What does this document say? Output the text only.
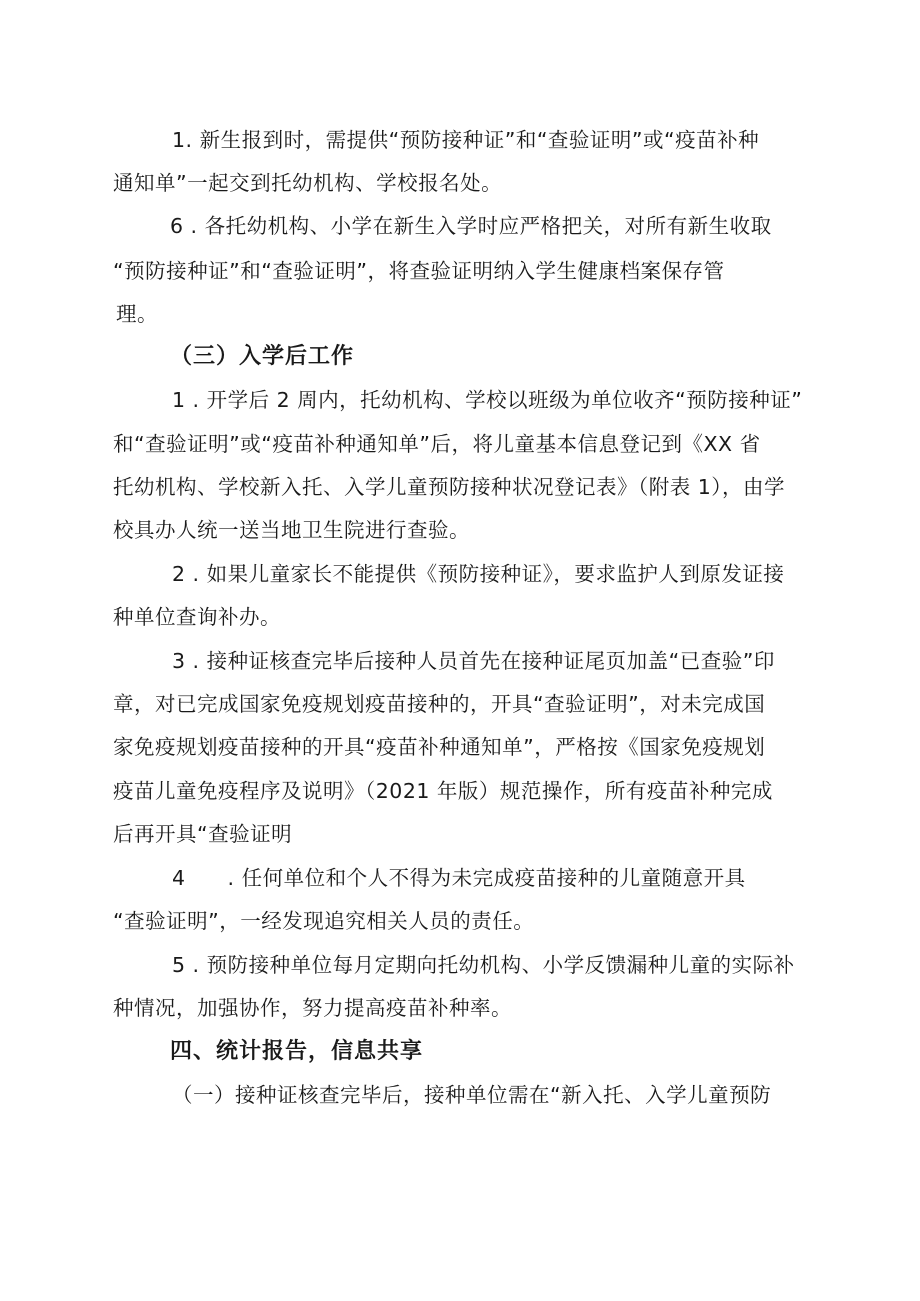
1. 新生报到时，需提供“预防接种证”和“查验证明”或“疫苗补种
通知单”一起交到托幼机构、学校报名处。
6 . 各托幼机构、小学在新生入学时应严格把关，对所有新生收取
“预防接种证”和“查验证明”，将查验证明纳入学生健康档案保存管
理。
（三）入学后工作
1 . 开学后 2 周内，托幼机构、学校以班级为单位收齐“预防接种证”
和“查验证明”或“疫苗补种通知单”后，将儿童基本信息登记到《XX 省
托幼机构、学校新入托、入学儿童预防接种状况登记表》（附表 1），由学
校具办人统一送当地卫生院进行查验。
2 . 如果儿童家长不能提供《预防接种证》，要求监护人到原发证接
种单位查询补办。
3 . 接种证核查完毕后接种人员首先在接种证尾页加盖“已查验”印
章，对已完成国家免疫规划疫苗接种的，开具“查验证明”，对未完成国
家免疫规划疫苗接种的开具“疫苗补种通知单”，严格按《国家免疫规划
疫苗儿童免疫程序及说明》（2021 年版）规范操作，所有疫苗补种完成
后再开具“查验证明
4　　. 任何单位和个人不得为未完成疫苗接种的儿童随意开具
“查验证明”，一经发现追究相关人员的责任。
5 . 预防接种单位每月定期向托幼机构、小学反馈漏种儿童的实际补
种情况，加强协作，努力提高疫苗补种率。
四、统计报告，信息共享
（一）接种证核查完毕后，接种单位需在“新入托、入学儿童预防
